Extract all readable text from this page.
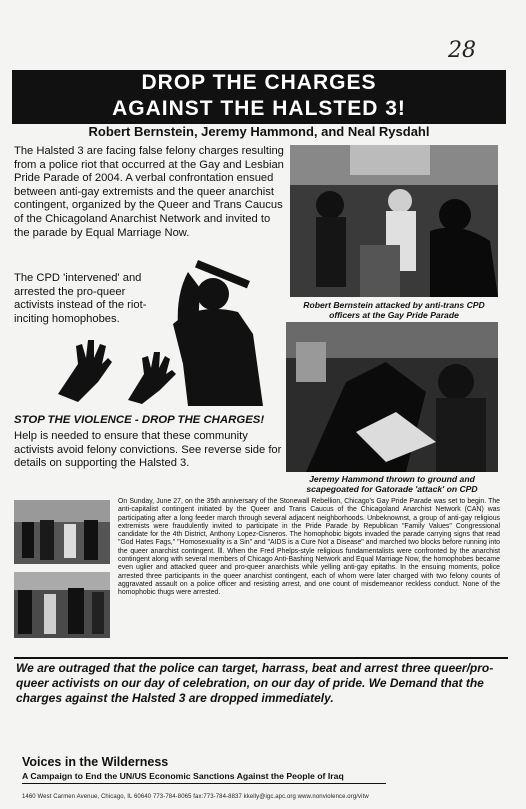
28
DROP THE CHARGES
AGAINST THE HALSTED 3!
Robert Bernstein, Jeremy Hammond, and Neal Rysdahl
The Halsted 3 are facing false felony charges resulting from a police riot that occurred at the Gay and Lesbian Pride Parade of 2004. A verbal confrontation ensued between anti-gay extremists and the queer anarchist contingent, organized by the Queer and Trans Caucus of the Chicagoland Anarchist Network and invited to the parade by Equal Marriage Now.
The CPD 'intervened' and arrested the pro-queer activists instead of the riot-inciting homophobes.
Robert Bernstein attacked by anti-trans CPD officers at the Gay Pride Parade
Jeremy Hammond thrown to ground and scapegoated for Gatorade 'attack' on CPD
STOP THE VIOLENCE - DROP THE CHARGES!
Help is needed to ensure that these community activists avoid felony convictions. See reverse side for details on supporting the Halsted 3.
On Sunday, June 27, on the 35th anniversary of the Stonewall Rebellion, Chicago's Gay Pride Parade was set to begin. The anti-capitalist contingent initiated by the Queer and Trans Caucus of the Chicagoland Anarchist Network (CAN) was participating after a long feeder march through several adjacent neighborhoods. Unbeknownst, a group of anti-gay religious extremists were fraudulently invited to participate in the Pride Parade by Republican "Family Values" Congressional candidate for the 4th District, Anthony Lopez-Cisneros. The homophobic bigots invaded the parade carrying signs that read "God Hates Fags," "Homosexuality is a Sin" and "AIDS is a Cure Not a Disease" and marched two blocks before running into the queer anarchist contingent. lll. When the Fred Phelps-style religious fundamentalists were confronted by the anarchist contingent along with several members of Chicago Anti-Bashing Network and Equal Marriage Now, the homophobes became even uglier and attacked queer and pro-queer anarchists while yelling anti-gay epitaths. In the ensuing moments, police arrested three participants in the queer anarchist contingent, each of whom were later charged with two felony counts of aggravated assault on a police officer and resisting arrest, and one count of misdemeanor reckless conduct. None of the homophobic thugs were arrested.
We are outraged that the police can target, harrass, beat and arrest three queer/pro-queer activists on our day of celebration, on our day of pride. We Demand that the charges against the Halsted 3 are dropped immediately.
Voices in the Wilderness
A Campaign to End the UN/US Economic Sanctions Against the People of Iraq
1460 West Carmen Avenue, Chicago, IL 60640 773-784-8065 fax:773-784-8837 kkelly@igc.apc.org www.nonviolence.org/vitw
